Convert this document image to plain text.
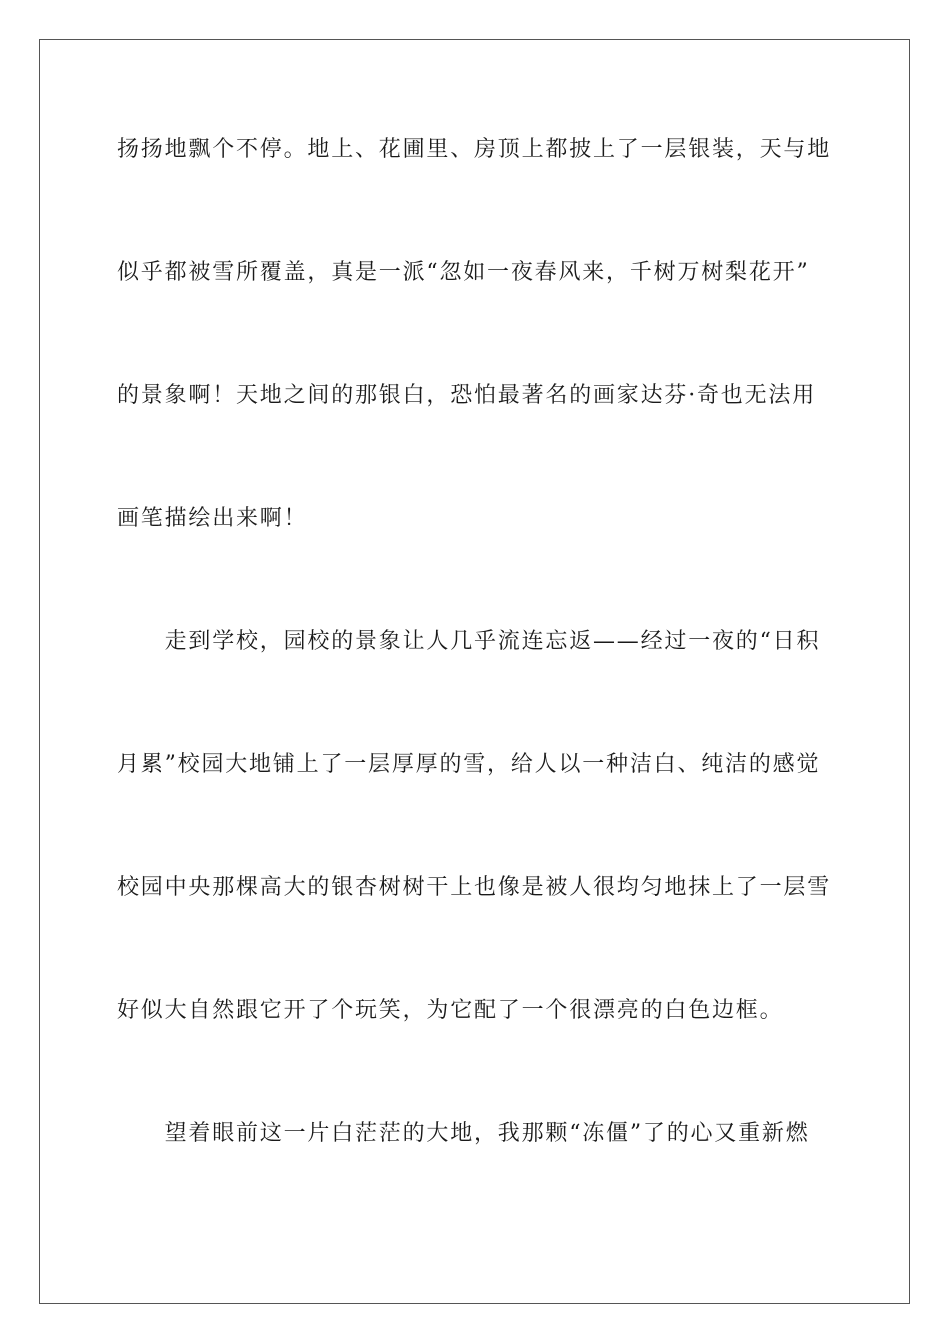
扬扬地飘个不停。地上、花圃里、房顶上都披上了一层银装，天与地
似乎都被雪所覆盖，真是一派“忽如一夜春风来，千树万树梨花开”
的景象啊！天地之间的那银白，恐怕最著名的画家达芬·奇也无法用
画笔描绘出来啊！
　　走到学校，园校的景象让人几乎流连忘返——经过一夜的“日积
月累”校园大地铺上了一层厚厚的雪，给人以一种洁白、纯洁的感觉
校园中央那棵高大的银杏树树干上也像是被人很均匀地抹上了一层雪
好似大自然跟它开了个玩笑，为它配了一个很漂亮的白色边框。
　　望着眼前这一片白茫茫的大地，我那颗“冻僵”了的心又重新燃
